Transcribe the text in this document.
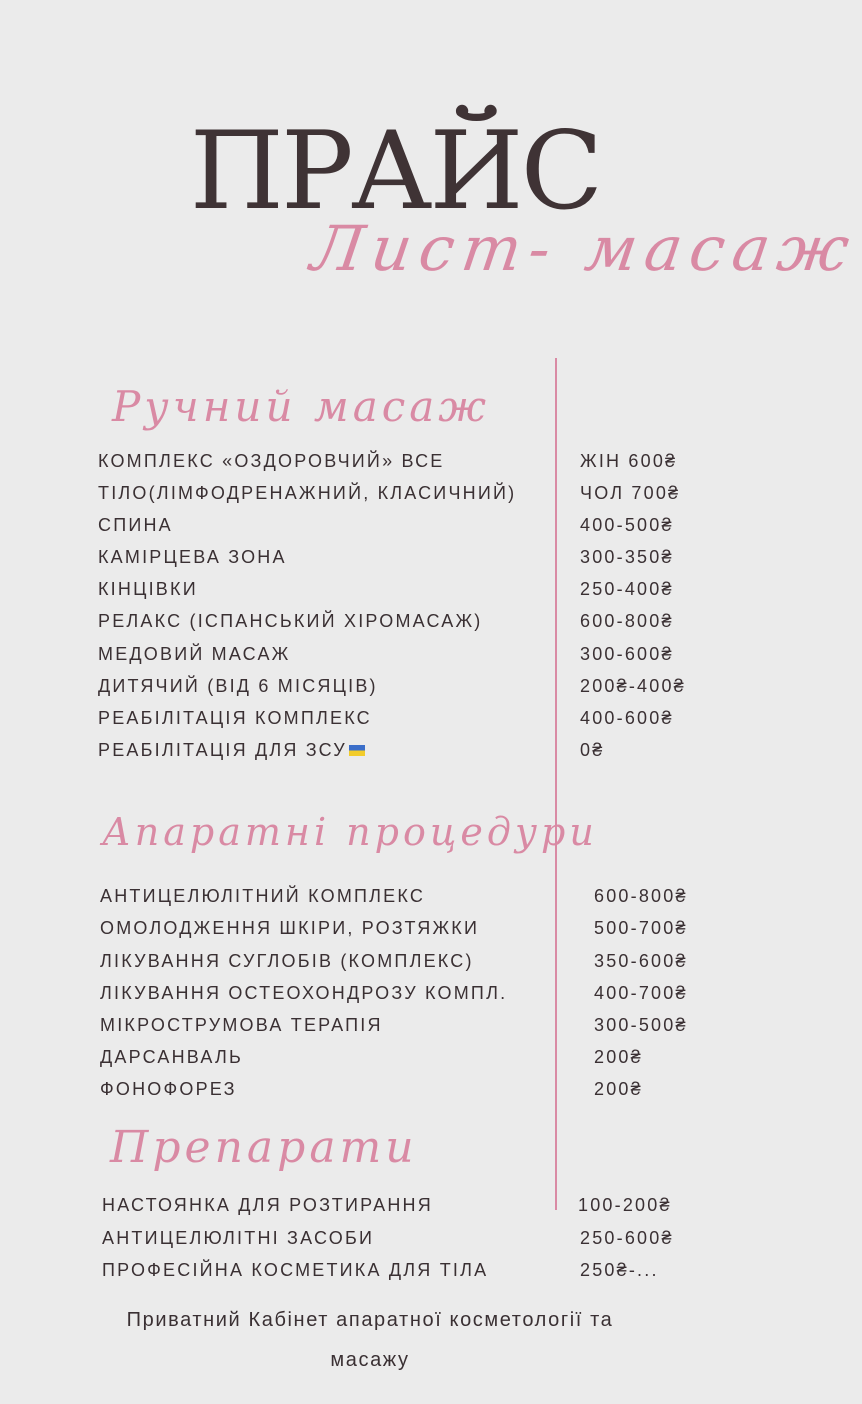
ПРАЙС
Лист- масаж
Ручний масаж
КОМПЛЕКС «ОЗДОРОВЧИЙ» ВСЕ	ЖІН 600₴
ТІЛО(ЛІМФОДРЕНАЖНИЙ, КЛАСИЧНИЙ)	ЧОЛ 700₴
СПИНА	400-500₴
КАМІРЦЕВА ЗОНА	300-350₴
КІНЦІВКИ	250-400₴
РЕЛАКС (ІСПАНСЬКИЙ ХІРОМАСАЖ)	600-800₴
МЕДОВИЙ МАСАЖ	300-600₴
ДИТЯЧИЙ (ВІД 6 МІСЯЦІВ)	200₴-400₴
РЕАБІЛІТАЦІЯ КОМПЛЕКС	400-600₴
РЕАБІЛІТАЦІЯ ДЛЯ ЗСУ	0₴
Апаратні процедури
АНТИЦЕЛЮЛІТНИЙ КОМПЛЕКС	600-800₴
ОМОЛОДЖЕННЯ ШКІРИ, РОЗТЯЖКИ	500-700₴
ЛІКУВАННЯ СУГЛОБІВ (КОМПЛЕКС)	350-600₴
ЛІКУВАННЯ ОСТЕОХОНДРОЗУ КОМПЛ.	400-700₴
МІКРОСТРУМОВА ТЕРАПІЯ	300-500₴
ДАРСАНВАЛЬ	200₴
ФОНОФОРЕЗ	200₴
Препарати
НАСТОЯНКА ДЛЯ РОЗТИРАННЯ	100-200₴
АНТИЦЕЛЮЛІТНІ ЗАСОБИ	250-600₴
ПРОФЕСІЙНА КОСМЕТИКА ДЛЯ ТІЛА	250₴-...
Приватний Кабінет апаратної косметології та
масажу
